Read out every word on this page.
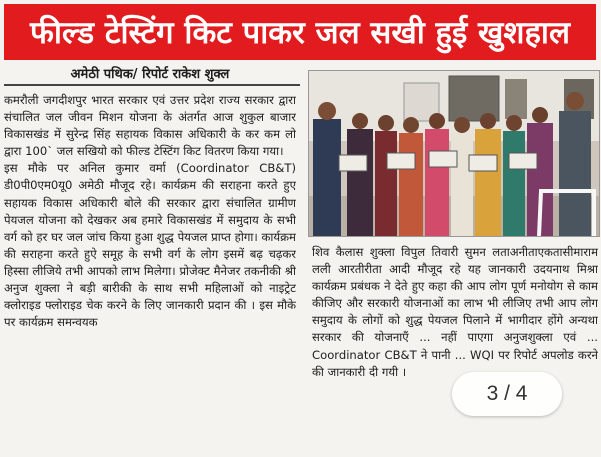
फील्ड टेस्टिंग किट पाकर जल सखी हुई खुशहाल
अमेठी पथिक/ रिपोर्ट राकेश शुक्ल

कमरौली जगदीशपुर भारत सरकार एवं उत्तर प्रदेश राज्य सरकार द्वारा संचालित जल जीवन मिशन योजना के अंतर्गत आज शुकुल बाजार विकासखंड में सुरेन्द्र सिंह सहायक विकास अधिकारी के कर कम लो द्वारा 100` जल सखियो को फील्ड टेस्टिंग किट वितरण किया गया।

इस मौके पर अनिल कुमार वर्मा (Coordinator CB&T) डी0पी0एम0यू0 अमेठी मौजूद रहे। कार्यक्रम की सराहना करते हुए सहायक विकास अधिकारी बोले की सरकार द्वारा संचालित ग्रामीण पेयजल योजना को देखकर अब हमारे विकासखंड में समुदाय के सभी वर्ग को हर घर जल जांच किया हुआ शुद्ध पेयजल प्राप्त होगा। कार्यक्रम की सराहना करते हुऐ समूह के सभी वर्ग के लोग इसमें बढ़ चढ़कर हिस्सा लीजिये तभी आपको लाभ मिलेगा। प्रोजेक्ट मैनेजर तकनीकी श्री अनुज शुक्ला ने बड़ी बारीकी के साथ सभी महिलाओं को नाइट्रेट क्लोराइड फ्लोराइड चेक करने के लिए जानकारी प्रदान की । इस मौके पर कार्यक्रम समन्वयक

शिव कैलास शुक्ला विपुल तिवारी सुमन लताअनीताएकतासीमाराम लली आरतीरीता आदी मौजूद रहे यह जानकारी उदयनाथ मिश्रा कार्यक्रम प्रबंधक ने देते हुए कहा की आप लोग पूर्ण मनोयोग से काम कीजिए और सरकारी योजनाओं का लाभ भी लीजिए तभी आप लोग समुदाय के लोगों को शुद्ध पेयजल पिलाने में भागीदार होंगे अन्यथा सरकार की योजनाएँ ... नहीं पाएगा अनुजशुक्ला एवं ... Coordinator CB&T ने पानी ... WQI पर रिपोर्ट अपलोड करने की जानकारी दी गयी ।

3 / 4
